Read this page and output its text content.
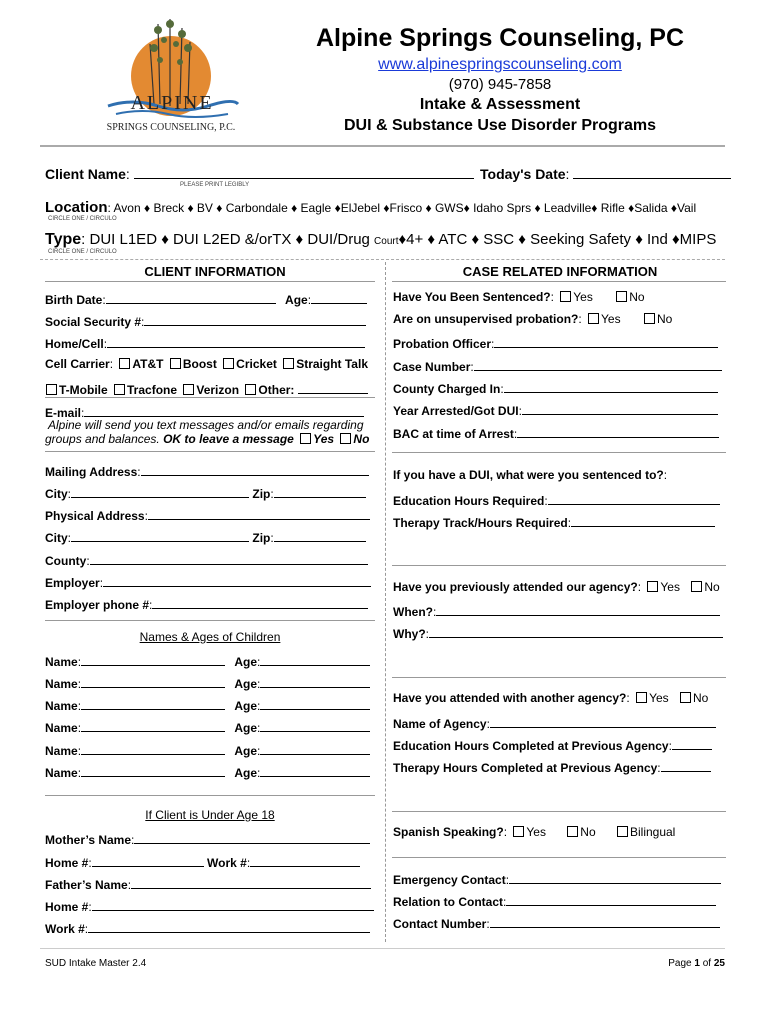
ALPINE
SPRINGS COUNSELING, P.C.
Alpine Springs Counseling, PC
www.alpinespringscounseling.com
(970) 945-7858
Intake & Assessment
DUI & Substance Use Disorder Programs
Client Name:
PLEASE PRINT LEGIBLY
Today's Date:
Location: Avon ♦ Breck ♦ BV ♦ Carbondale ♦ Eagle ♦ElJebel ♦Frisco ♦ GWS♦ Idaho Sprs ♦ Leadville♦ Rifle ♦Salida ♦Vail
CIRCLE ONE / CIRCULO
Type: DUI L1ED ♦ DUI L2ED &/orTX ♦ DUI/Drug Court♦4+ ♦ ATC ♦ SSC ♦ Seeking Safety ♦ Ind ♦MIPS
CIRCLE ONE / CIRCULO
CLIENT INFORMATION	CASE RELATED INFORMATION
Birth Date:	Age:
Social Security #:
Home/Cell:
Cell Carrier: AT&T Boost Cricket Straight Talk
T-Mobile Tracfone Verizon Other:
E-mail:
Alpine will send you text messages and/or emails regarding
groups and balances. OK to leave a message Yes No
Mailing Address:
City:	Zip:
Physical Address:
City:	Zip:
County:
Employer:
Employer phone #:
Names & Ages of Children
Name:	Age:
Name:	Age:
Name:	Age:
Name:	Age:
Name:	Age:
Name:	Age:
If Client is Under Age 18
Mother’s Name:
Home #:	Work #:
Father’s Name:
Home #:
Work #:
Have You Been Sentenced?: Yes	No
Are on unsupervised probation?: Yes	No
Probation Officer:
Case Number:
County Charged In:
Year Arrested/Got DUI:
BAC at time of Arrest:
If you have a DUI, what were you sentenced to?:
Education Hours Required:
Therapy Track/Hours Required:
Have you previously attended our agency?: Yes No
When?:
Why?:
Have you attended with another agency?: Yes No
Name of Agency:
Education Hours Completed at Previous Agency:
Therapy Hours Completed at Previous Agency:
Spanish Speaking?: Yes	No	Bilingual
Emergency Contact:
Relation to Contact:
Contact Number:
SUD Intake Master 2.4	Page 1 of 25
